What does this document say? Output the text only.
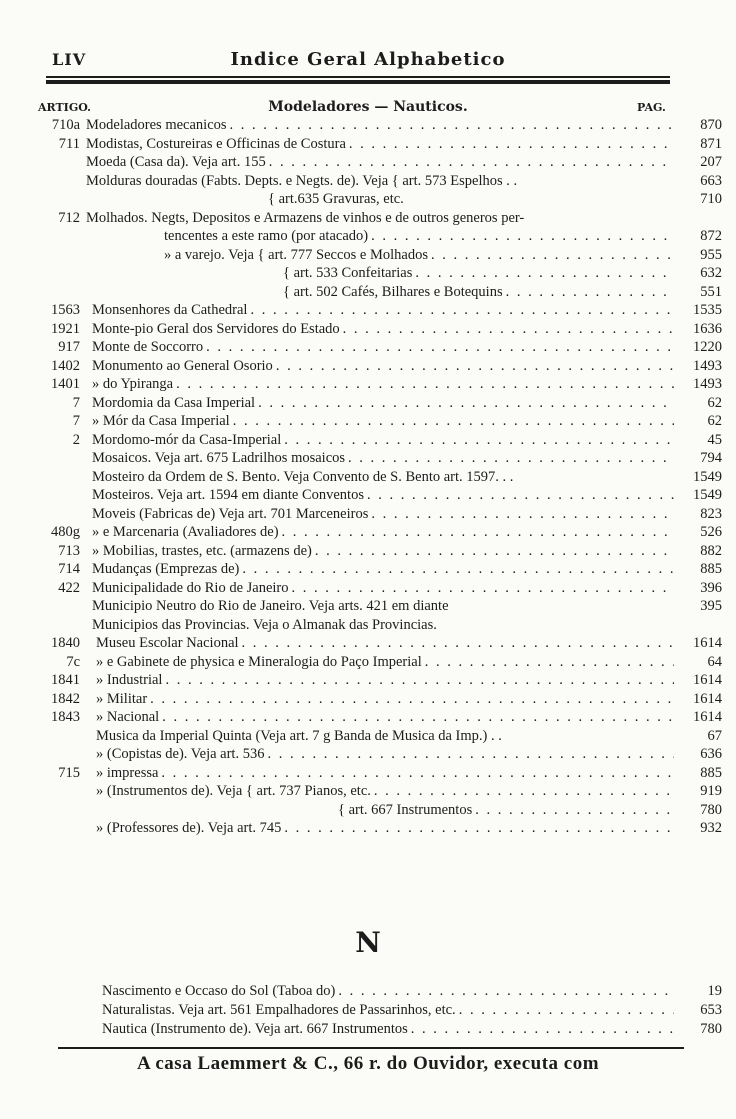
LIV	Indice Geral Alphabetico
ARTIGO.	Modeladores — Nauticos.	PAG.
710a Modeladores mecanicos . . .	870
711 Modistas, Costureiras e Officinas de Costura . . .	871
Moeda (Casa da). Veja art. 155 . . .	207
Molduras douradas (Fabts. Depts. e Negts. de). Veja { art. 573 Espelhos . .	663
{ art.635 Gravuras, etc.	710
712 Molhados. Negts, Depositos e Armazens de vinhos e de outros generos per-
tencentes a este ramo (por atacado) . . .	872
» a varejo. Veja { art. 777 Seccos e Molhados . . .	955
{ art. 533 Confeitarias . . .	632
{ art. 502 Cafés, Bilhares e Botequins . . .	551
1563 Monsenhores da Cathedral . . .	1535
1921 Monte-pio Geral dos Servidores do Estado . . .	1636
917 Monte de Soccorro . . .	1220
1402 Monumento ao General Osorio . . .	1493
1401 » do Ypiranga . . .	1493
7 Mordomia da Casa Imperial . . .	62
7 » Mór da Casa Imperial . . .	62
2 Mordomo-mór da Casa-Imperial . . .	45
Mosaicos. Veja art. 675 Ladrilhos mosaicos . . .	794
Mosteiro da Ordem de S. Bento. Veja Convento de S. Bento art. 1597. . .	1549
Mosteiros. Veja art. 1594 em diante Conventos . . .	1549
Moveis (Fabricas de) Veja art. 701 Marceneiros . . .	823
480g » e Marcenaria (Avaliadores de) . . .	526
713 » Mobilias, trastes, etc. (armazens de) . . .	882
714 Mudanças (Emprezas de) . . .	885
422 Municipalidade do Rio de Janeiro . . .	396
Municipio Neutro do Rio de Janeiro. Veja arts. 421 em diante	395
Municipios das Provincias. Veja o Almanak das Provincias.
1840 Museu Escolar Nacional . . .	1614
7c » e Gabinete de physica e Mineralogia do Paço Imperial . . .	64
1841 » Industrial . . .	1614
1842 » Militar . . .	1614
1843 » Nacional . . .	1614
Musica da Imperial Quinta (Veja art. 7 g Banda de Musica da Imp.) . .	67
» (Copistas de). Veja art. 536 . . .	636
715 » impressa . . .	885
» (Instrumentos de). Veja { art. 737 Pianos, etc. . . .	919
{ art. 667 Instrumentos . . .	780
» (Professores de). Veja art. 745 . . .	932
N
Nascimento e Occaso do Sol (Taboa do) . . .	19
Naturalistas. Veja art. 561 Empalhadores de Passarinhos, etc. . . .	653
Nautica (Instrumento de). Veja art. 667 Instrumentos . . .	780
A casa Laemmert & C., 66 r. do Ouvidor, executa com
